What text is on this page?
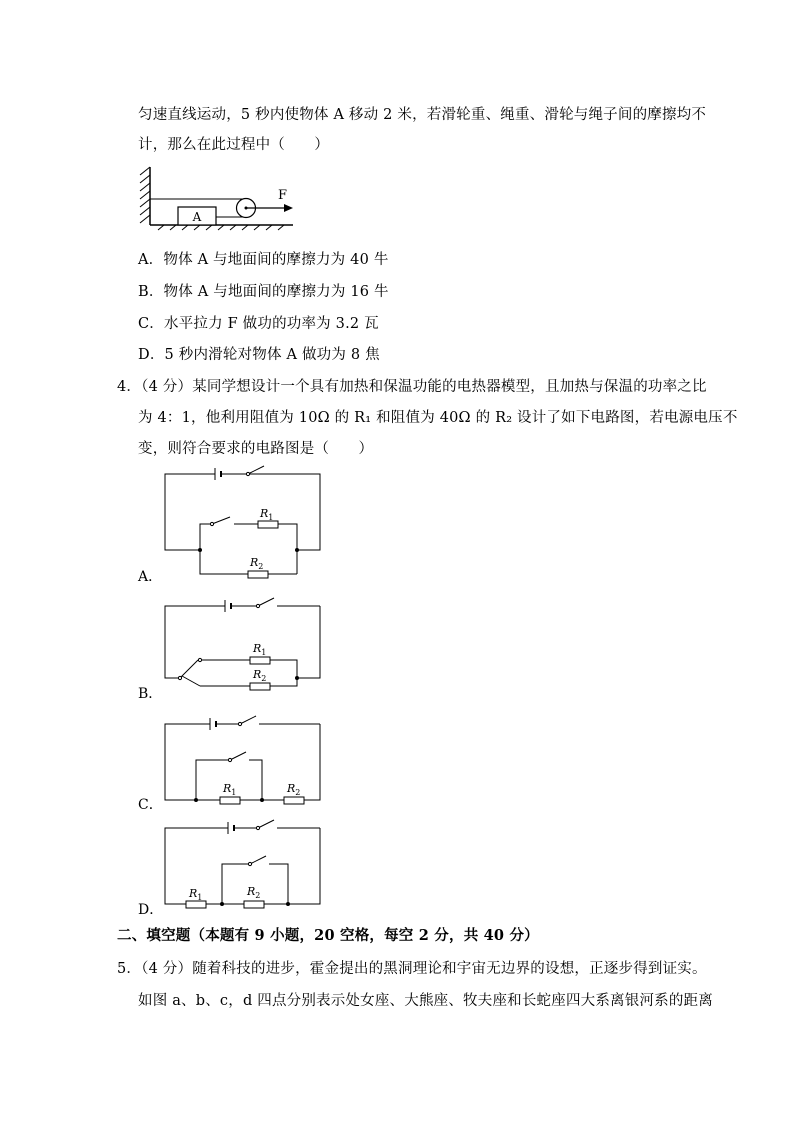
匀速直线运动，5 秒内使物体 A 移动 2 米，若滑轮重、绳重、滑轮与绳子间的摩擦均不
计，那么在此过程中（　　）
A
F
A．物体 A 与地面间的摩擦力为 40 牛
B．物体 A 与地面间的摩擦力为 16 牛
C．水平拉力 F 做功的功率为 3.2 瓦
D．5 秒内滑轮对物体 A 做功为 8 焦
4．（4 分）某同学想设计一个具有加热和保温功能的电热器模型，且加热与保温的功率之比
为 4：1，他利用阻值为 10Ω 的 R₁ 和阻值为 40Ω 的 R₂ 设计了如下电路图，若电源电压不
变，则符合要求的电路图是（　　）
A．
$R_1$
$R_2$
B．
$R_1$
$R_2$
C．
$R_1$	$R_2$
D．
$R_1$	$R_2$
二、填空题（本题有 9 小题，20 空格，每空 2 分，共 40 分）
5．（4 分）随着科技的进步，霍金提出的黑洞理论和宇宙无边界的设想，正逐步得到证实。
如图 a、b、c，d 四点分别表示处女座、大熊座、牧夫座和长蛇座四大系离银河系的距离
